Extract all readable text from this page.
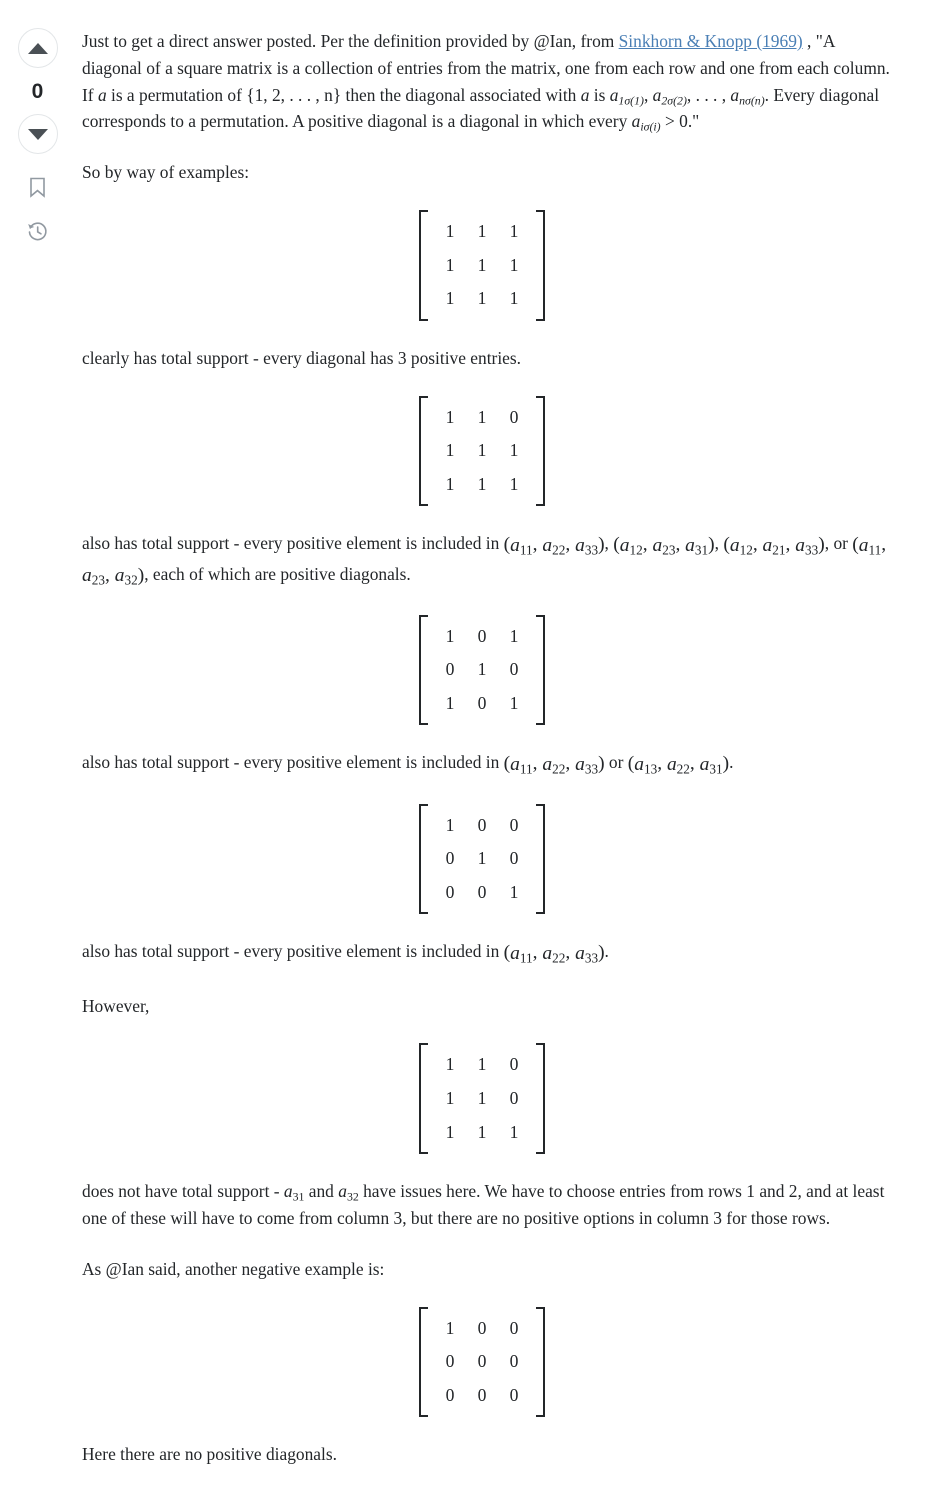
0

Just to get a direct answer posted. Per the definition provided by @Ian, from Sinkhorn & Knopp (1969) , "A diagonal of a square matrix is a collection of entries from the matrix, one from each row and one from each column. If a is a permutation of {1, 2, . . . , n} then the diagonal associated with a is $a_{1\sigma(1)}$, $a_{2\sigma(2)}$, . . . , $a_{n\sigma(n)}$. Every diagonal corresponds to a permutation. A positive diagonal is a diagonal in which every $a_{i\sigma(i)} > 0$."

So by way of examples:

1	1	1
1	1	1
1	1	1

clearly has total support - every diagonal has 3 positive entries.

1	1	0
1	1	1
1	1	1

also has total support - every positive element is included in ($a_{11}$, $a_{22}$, $a_{33}$), ($a_{12}$, $a_{23}$, $a_{31}$), ($a_{12}$, $a_{21}$, $a_{33}$), or ($a_{11}$, $a_{23}$, $a_{32}$), each of which are positive diagonals.

1	0	1
0	1	0
1	0	1

also has total support - every positive element is included in ($a_{11}$, $a_{22}$, $a_{33}$) or ($a_{13}$, $a_{22}$, $a_{31}$).

1	0	0
0	1	0
0	0	1

also has total support - every positive element is included in ($a_{11}$, $a_{22}$, $a_{33}$).

However,

1	1	0
1	1	0
1	1	1

does not have total support - $a_{31}$ and $a_{32}$ have issues here. We have to choose entries from rows 1 and 2, and at least one of these will have to come from column 3, but there are no positive options in column 3 for those rows.

As @Ian said, another negative example is:

1	0	0
0	0	0
0	0	0

Here there are no positive diagonals.
